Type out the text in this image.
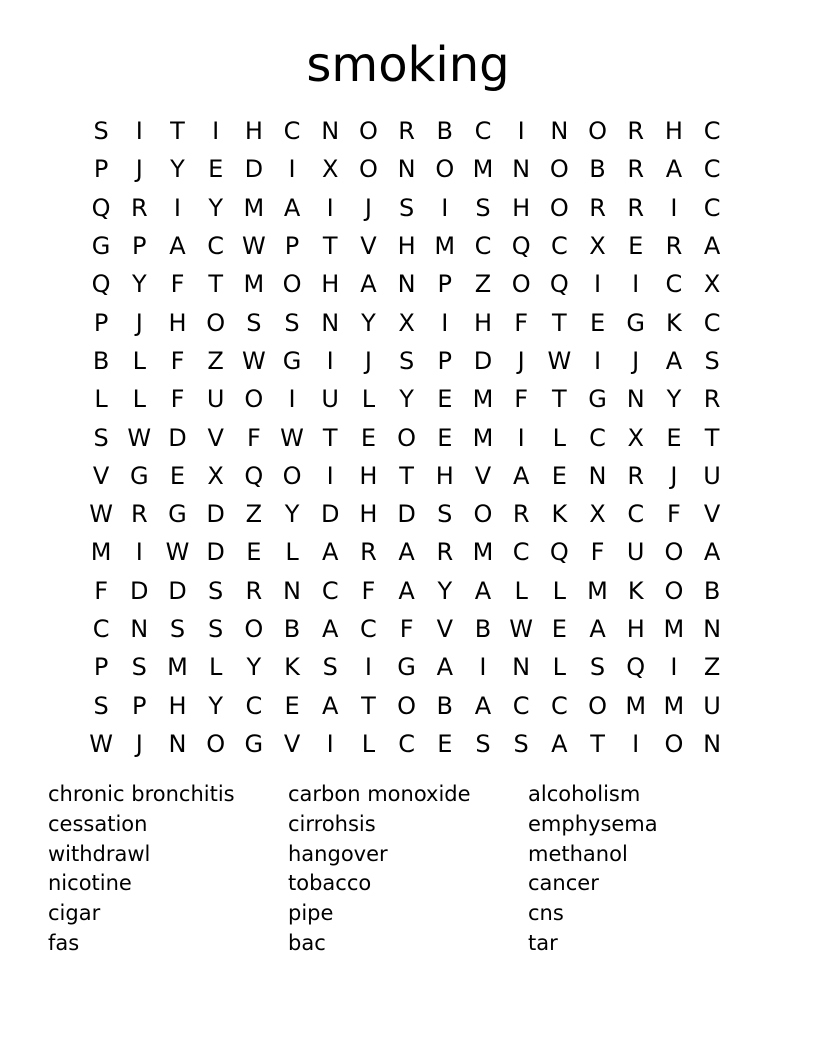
smoking
S	I	T	I	H C N O R B C	I	N O R H C
P	J	Y E D	I	X O N O M N O B R A C
Q R	I	Y M A	I	J	S	I	S H O R R	I	C
G P A C W P T V H M C Q C X E R A
Q Y F T M O H A N P Z O Q	I	I	C X
P	J	H O S S N Y X	I	H F T E G K C
B L	F Z W G	I	J	S P D	J W I	J	A S
L	L	F U O	I	U L	Y E M F T G N Y R
S W D V F W T E O E M	I	L C X E T
V G E X Q O	I	H T H V A E N R	J	U
W R G D Z Y D H D S O R K X C F V
M	I W D E L A R A R M C Q F U O A
F D D S R N C F A Y A L	L M K O B
C N S S O B A C F V B W E A H M N
P S M L	Y K S	I	G A	I	N L S Q	I	Z
S P H Y C E A T O B A C C O M M U
W J	N O G V	I	L C E S S A T	I	O N
chronic bronchitis	carbon monoxide	alcoholism
cessation	cirrohsis	emphysema
withdrawl	hangover	methanol
nicotine	tobacco	cancer
cigar	pipe	cns
fas	bac	tar
